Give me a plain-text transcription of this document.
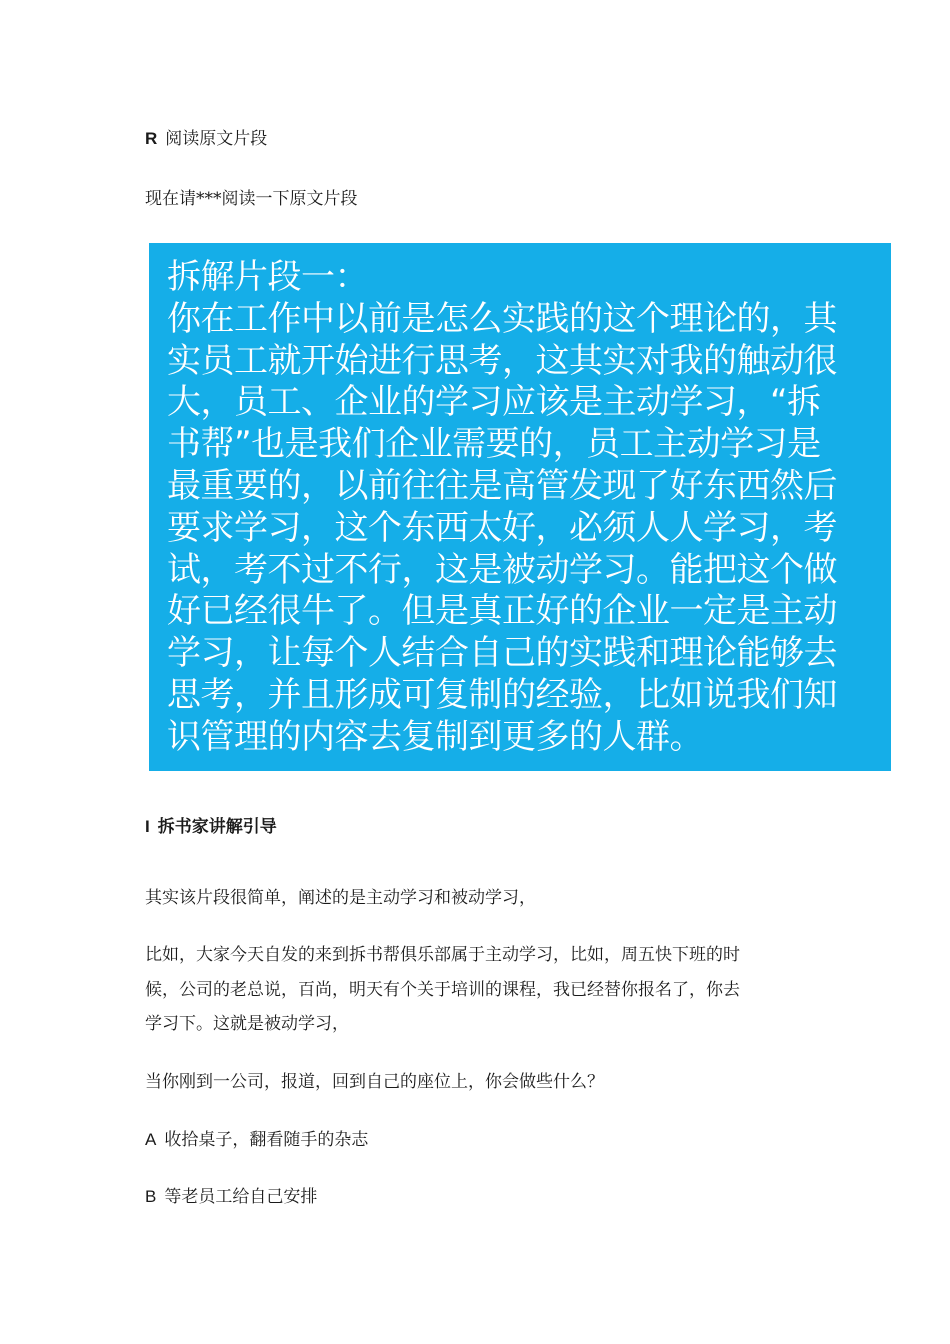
R 阅读原文片段
现在请***阅读一下原文片段
拆解片段一：
你在工作中以前是怎么实践的这个理论的，其
实员工就开始进行思考，这其实对我的触动很
大，员工、企业的学习应该是主动学习，“拆
书帮”也是我们企业需要的，员工主动学习是
最重要的，以前往往是高管发现了好东西然后
要求学习，这个东西太好，必须人人学习，考
试，考不过不行，这是被动学习。能把这个做
好已经很牛了。但是真正好的企业一定是主动
学习，让每个人结合自己的实践和理论能够去
思考，并且形成可复制的经验，比如说我们知
识管理的内容去复制到更多的人群。
I 拆书家讲解引导
其实该片段很简单，阐述的是主动学习和被动学习，
比如，大家今天自发的来到拆书帮俱乐部属于主动学习，比如，周五快下班的时
候，公司的老总说，百尚，明天有个关于培训的课程，我已经替你报名了，你去
学习下。这就是被动学习，
当你刚到一公司，报道，回到自己的座位上，你会做些什么？
A 收拾桌子，翻看随手的杂志
B 等老员工给自己安排
